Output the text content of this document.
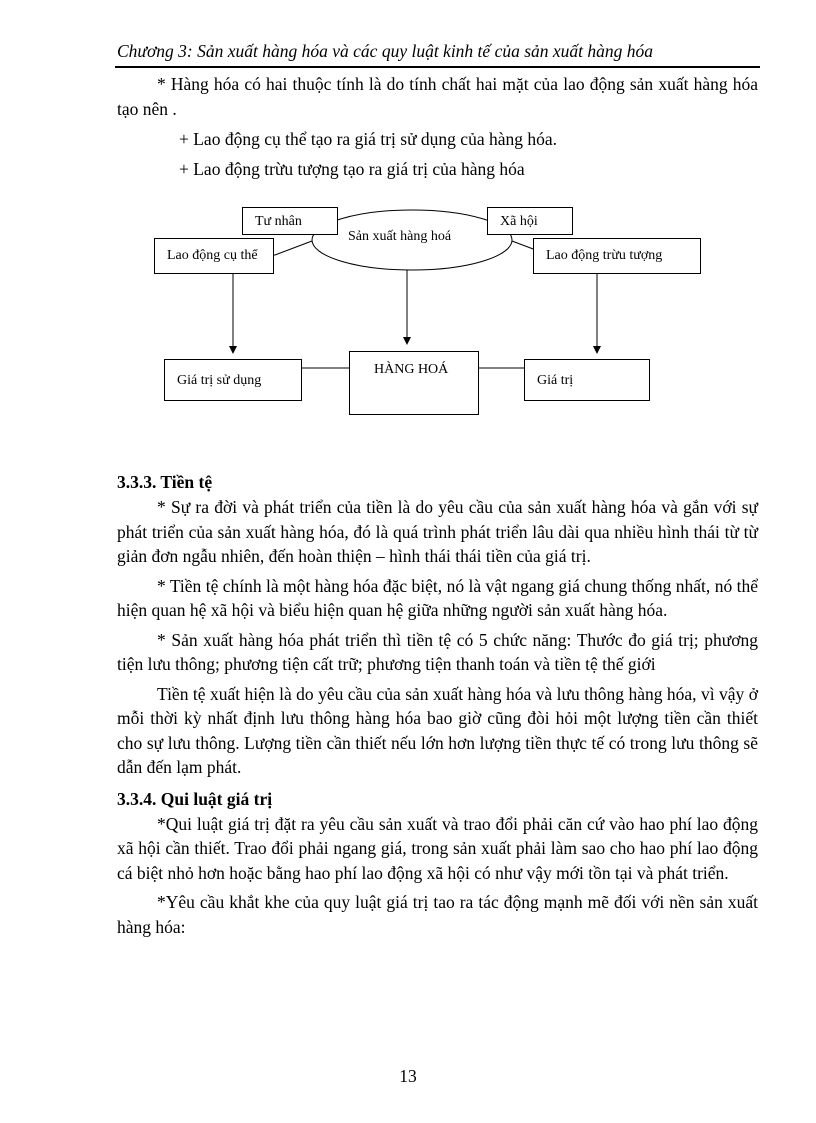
Chương 3: Sản xuất hàng hóa và các quy luật kinh tế của sản xuất hàng hóa

* Hàng hóa có hai thuộc tính là do tính chất hai mặt của lao động sản xuất hàng hóa tạo nên .

+ Lao động cụ thể tạo ra giá trị sử dụng của hàng hóa.

+ Lao động trừu tượng tạo ra giá trị của hàng hóa

Tư nhân	Xã hội
Sản xuất hàng hoá
Lao động cụ thể	Lao động trừu tượng
Giá trị sử dụng
HÀNG HOÁ
Giá trị

3.3.3. Tiền tệ

* Sự ra đời và phát triển của tiền là do yêu cầu của sản xuất hàng hóa và gắn với sự phát triển của sản xuất hàng hóa, đó là quá trình phát triển lâu dài qua nhiều hình thái từ từ giản đơn ngẫu nhiên, đến hoàn thiện – hình thái thái tiền của giá trị.

* Tiền tệ chính là một hàng hóa đặc biệt, nó là vật ngang giá chung thống nhất, nó thể hiện quan hệ xã hội và biểu hiện quan hệ giữa những người sản xuất hàng hóa.

* Sản xuất hàng hóa phát triển thì tiền tệ có 5 chức năng: Thước đo giá trị; phương tiện lưu thông; phương tiện cất trữ; phương tiện thanh toán và tiền tệ thế giới

Tiền tệ xuất hiện là do yêu cầu của sản xuất hàng hóa và lưu thông hàng hóa, vì vậy ở mỗi thời kỳ nhất định lưu thông hàng hóa bao giờ cũng đòi hỏi một lượng tiền cần thiết cho sự lưu thông. Lượng tiền cần thiết nếu lớn hơn lượng tiền thực tế có trong lưu thông sẽ dẫn đến lạm phát.

3.3.4. Qui luật giá trị

*Qui luật giá trị đặt ra yêu cầu sản xuất và trao đổi phải căn cứ vào hao phí lao động xã hội cần thiết. Trao đổi phải ngang giá, trong sản xuất phải làm sao cho hao phí lao động cá biệt nhỏ hơn hoặc bằng hao phí lao động xã hội có như vậy mới tồn tại và phát triển.

*Yêu cầu khắt khe của quy luật giá trị tao ra tác động mạnh mẽ đối với nền sản xuất hàng hóa:

13
